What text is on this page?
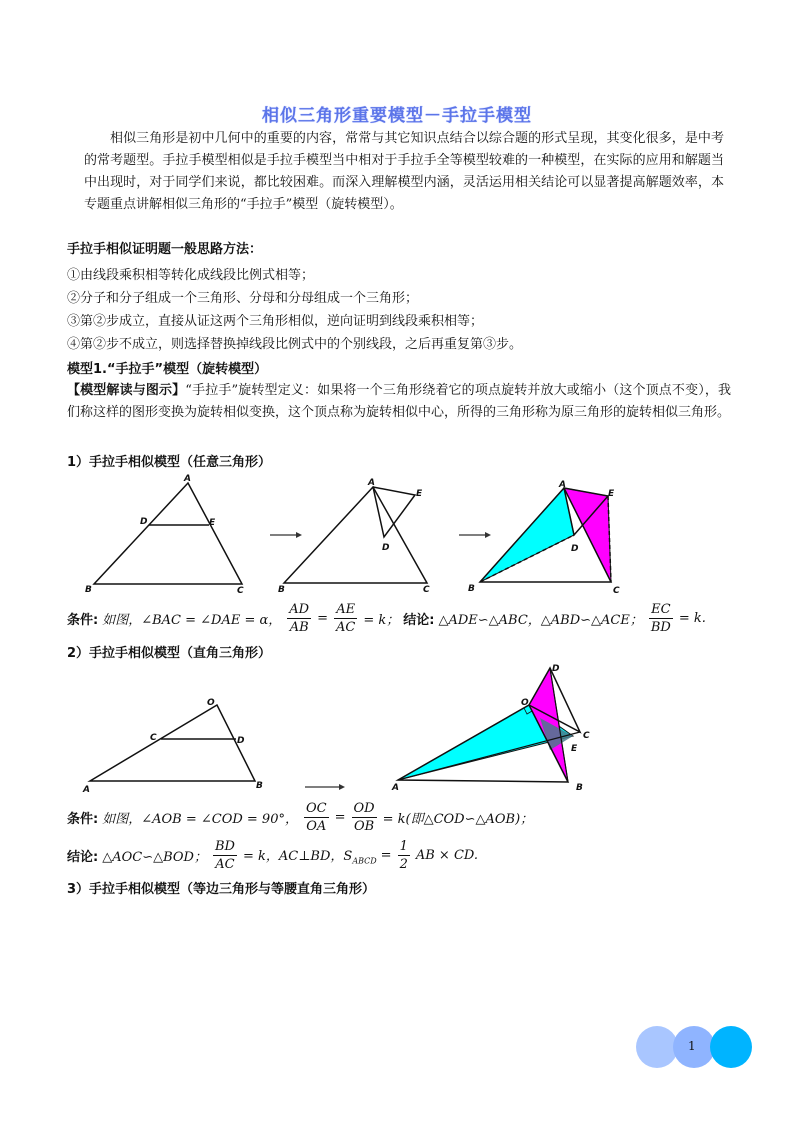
相似三角形重要模型－手拉手模型
相似三角形是初中几何中的重要的内容，常常与其它知识点结合以综合题的形式呈现，其变化很多，是中考的常考题型。手拉手模型相似是手拉手模型当中相对于手拉手全等模型较难的一种模型，在实际的应用和解题当中出现时，对于同学们来说，都比较困难。而深入理解模型内涵，灵活运用相关结论可以显著提高解题效率，本专题重点讲解相似三角形的“手拉手”模型（旋转模型）。
手拉手相似证明题一般思路方法：
①由线段乘积相等转化成线段比例式相等；
②分子和分子组成一个三角形、分母和分母组成一个三角形；
③第②步成立，直接从证这两个三角形相似，逆向证明到线段乘积相等；
④第②步不成立，则选择替换掉线段比例式中的个别线段，之后再重复第③步。
模型1.“手拉手”模型（旋转模型）
【模型解读与图示】“手拉手”旋转型定义：如果将一个三角形绕着它的项点旋转并放大或缩小（这个顶点不变），我们称这样的图形变换为旋转相似变换，这个顶点称为旋转相似中心，所得的三角形称为原三角形的旋转相似三角形。
1）手拉手相似模型（任意三角形）
A
B	C
D	E
A
B	C
D
E
A
B	C
D
E
条件: 如图，∠BAC = ∠DAE = α， $\frac{AD}{AB} = \frac{AE}{AC} = k$； 结论: △ADE∽△ABC，△ABD∽△ACE； $\frac{EC}{BD} = k$.
2）手拉手相似模型（直角三角形）
O
A	B
C	D
O
A	B
C
D
E
条件: 如图，∠AOB = ∠COD = 90°， $\frac{OC}{OA} = \frac{OD}{OB} = k$(即△COD∽△AOB)；
结论: △AOC∽△BOD； $\frac{BD}{AC} = k$，AC⊥BD，$S_{ABCD} = \frac{1}{2}$ AB × CD.
3）手拉手相似模型（等边三角形与等腰直角三角形）
1
